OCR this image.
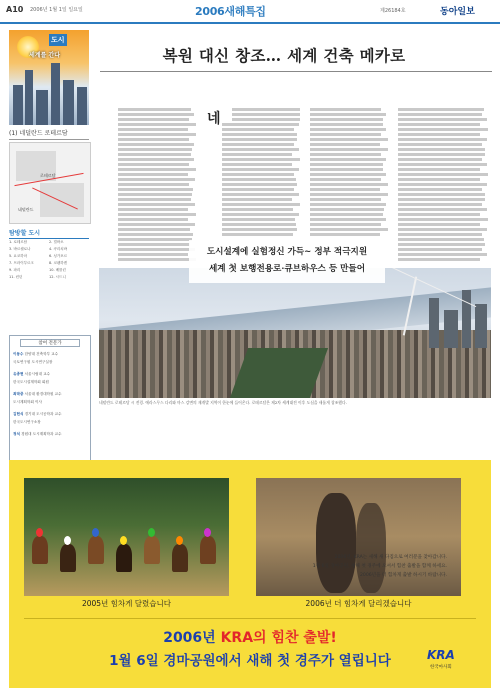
A10 2006년 1월 1일 일요일	2006새해특집	제26184호	동아일보
도시
세계를 간다
(1) 네덜란드 로테르담
로테르담
네덜란드
탐방할 도시
1. 로테르담	2. 빌바오
3. 바르셀로나	4. 쿠리치바
5. 요코하마	6. 싱가포르
7. 프라이부르크	8. 코펜하겐
9. 파리	10. 베를린
11. 런던	12. 시드니
참여 전문가
이동수 한양대 건축학부 교수
국토연구원 도시연구실장
유종현 서울시립대 교수
한국도시설계학회 회원
최막중 서울대 환경대학원 교수
도시계획학회 이사
김현식 경기대 도시공학과 교수
한국도시연구소장
정석 경원대 도시계획학과 교수
복원 대신 창조… 세계 건축 메카로
네
도시설계에 실험정신 가득~ 정부 적극지원
세계 첫 보행전용로·큐브하우스 등 만들어
네덜란드 로테르담 시 전경. 에라스무스 다리와 마스 강변의 재개발 지역이 한눈에 들어온다. 로테르담은 제2차 세계대전 이후 도심을 새롭게 창조했다.
2005년 힘차게 달렸습니다	2006년 더 힘차게 달리겠습니다
2006년 KRA의 힘찬 출발!
1월 6일 경마공원에서 새해 첫 경주가 열립니다
2006년, KRA는 새해 새 다짐으로 여러분을 찾아갑니다.
1월 6일 경마공원, 새해 첫 경주에 오셔서 힘찬 출발을 함께 하세요.
2006년을 더 힘차게 출발 하시기 바랍니다.
KRA
한국마사회
